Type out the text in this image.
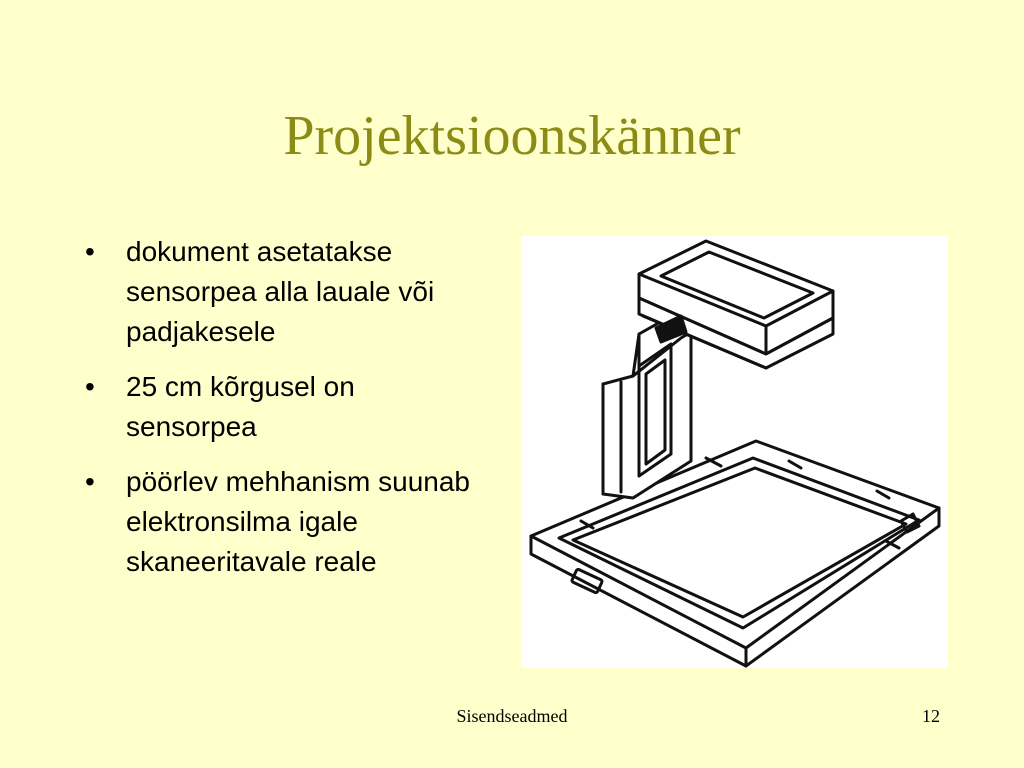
Projektsioonskänner
• dokument asetatakse sensorpea alla lauale või padjakesele
• 25 cm kõrgusel on sensorpea
• pöörlev mehhanism suunab elektronsilma igale skaneeritavale reale
Sisendseadmed	12
